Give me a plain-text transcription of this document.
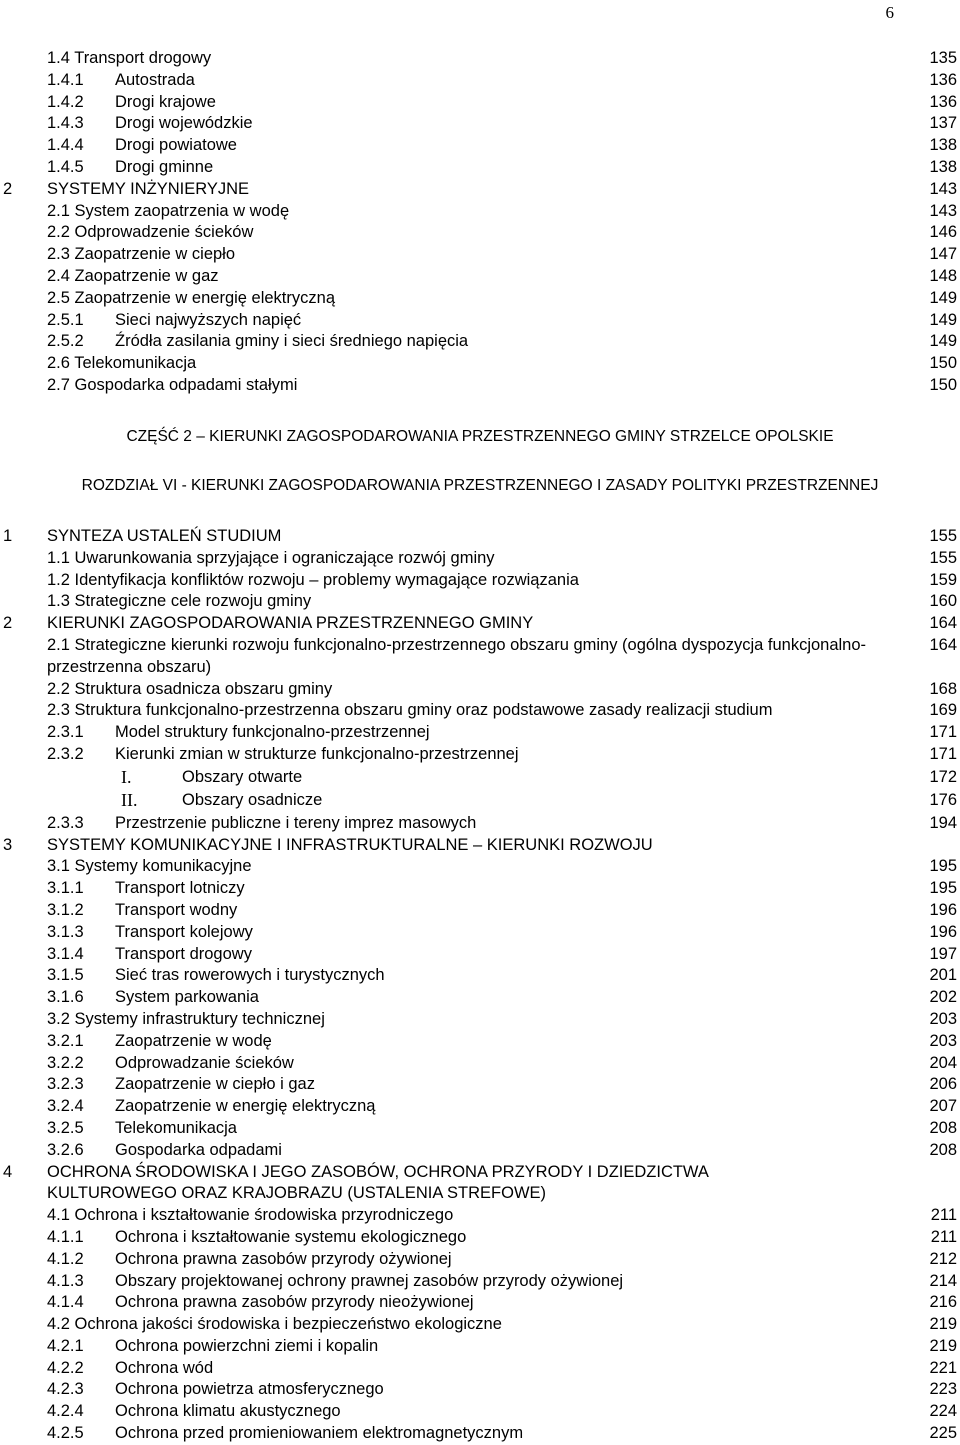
6
1.4 Transport drogowy	135
1.4.1 Autostrada	136
1.4.2 Drogi krajowe	136
1.4.3 Drogi wojewódzkie	137
1.4.4 Drogi powiatowe	138
1.4.5 Drogi gminne	138
2 SYSTEMY INŻYNIERYJNE	143
2.1 System zaopatrzenia w wodę	143
2.2 Odprowadzenie ścieków	146
2.3 Zaopatrzenie w ciepło	147
2.4 Zaopatrzenie w gaz	148
2.5 Zaopatrzenie w energię elektryczną	149
2.5.1 Sieci najwyższych napięć	149
2.5.2 Źródła zasilania gminy i sieci średniego napięcia	149
2.6 Telekomunikacja	150
2.7 Gospodarka odpadami stałymi	150
CZĘŚĆ 2 – KIERUNKI ZAGOSPODAROWANIA PRZESTRZENNEGO GMINY STRZELCE OPOLSKIE
ROZDZIAŁ VI - KIERUNKI ZAGOSPODAROWANIA PRZESTRZENNEGO I ZASADY POLITYKI PRZESTRZENNEJ
1 SYNTEZA USTALEŃ STUDIUM	155
1.1 Uwarunkowania sprzyjające i ograniczające rozwój gminy	155
1.2 Identyfikacja konfliktów rozwoju – problemy wymagające rozwiązania	159
1.3 Strategiczne cele rozwoju gminy	160
2 KIERUNKI ZAGOSPODAROWANIA PRZESTRZENNEGO GMINY	164
2.1 Strategiczne kierunki rozwoju funkcjonalno-przestrzennego obszaru gminy (ogólna dyspozycja funkcjonalno-przestrzenna obszaru)
164
2.2 Struktura osadnicza obszaru gminy	168
2.3 Struktura funkcjonalno-przestrzenna obszaru gminy oraz podstawowe zasady realizacji studium	169
2.3.1 Model struktury funkcjonalno-przestrzennej	171
2.3.2 Kierunki zmian w strukturze funkcjonalno-przestrzennej	171
I.	Obszary otwarte	172
II.	Obszary osadnicze	176
2.3.3 Przestrzenie publiczne i tereny imprez masowych	194
3 SYSTEMY KOMUNIKACYJNE I INFRASTRUKTURALNE – KIERUNKI ROZWOJU
3.1 Systemy komunikacyjne	195
3.1.1 Transport lotniczy	195
3.1.2 Transport wodny	196
3.1.3 Transport kolejowy	196
3.1.4 Transport drogowy	197
3.1.5 Sieć tras rowerowych i turystycznych	201
3.1.6 System parkowania	202
3.2 Systemy infrastruktury technicznej	203
3.2.1 Zaopatrzenie w wodę	203
3.2.2 Odprowadzanie ścieków	204
3.2.3 Zaopatrzenie w ciepło i gaz	206
3.2.4 Zaopatrzenie w energię elektryczną	207
3.2.5 Telekomunikacja	208
3.2.6 Gospodarka odpadami	208
4 OCHRONA ŚRODOWISKA I JEGO ZASOBÓW, OCHRONA PRZYRODY I DZIEDZICTWA KULTUROWEGO ORAZ KRAJOBRAZU (USTALENIA STREFOWE)
4.1 Ochrona i kształtowanie środowiska przyrodniczego	211
4.1.1 Ochrona i kształtowanie systemu ekologicznego	211
4.1.2 Ochrona prawna zasobów przyrody ożywionej	212
4.1.3 Obszary projektowanej ochrony prawnej zasobów przyrody ożywionej	214
4.1.4 Ochrona prawna zasobów przyrody nieożywionej	216
4.2 Ochrona jakości środowiska i bezpieczeństwo ekologiczne	219
4.2.1 Ochrona powierzchni ziemi i kopalin	219
4.2.2 Ochrona wód	221
4.2.3 Ochrona powietrza atmosferycznego	223
4.2.4 Ochrona klimatu akustycznego	224
4.2.5 Ochrona przed promieniowaniem elektromagnetycznym	225
